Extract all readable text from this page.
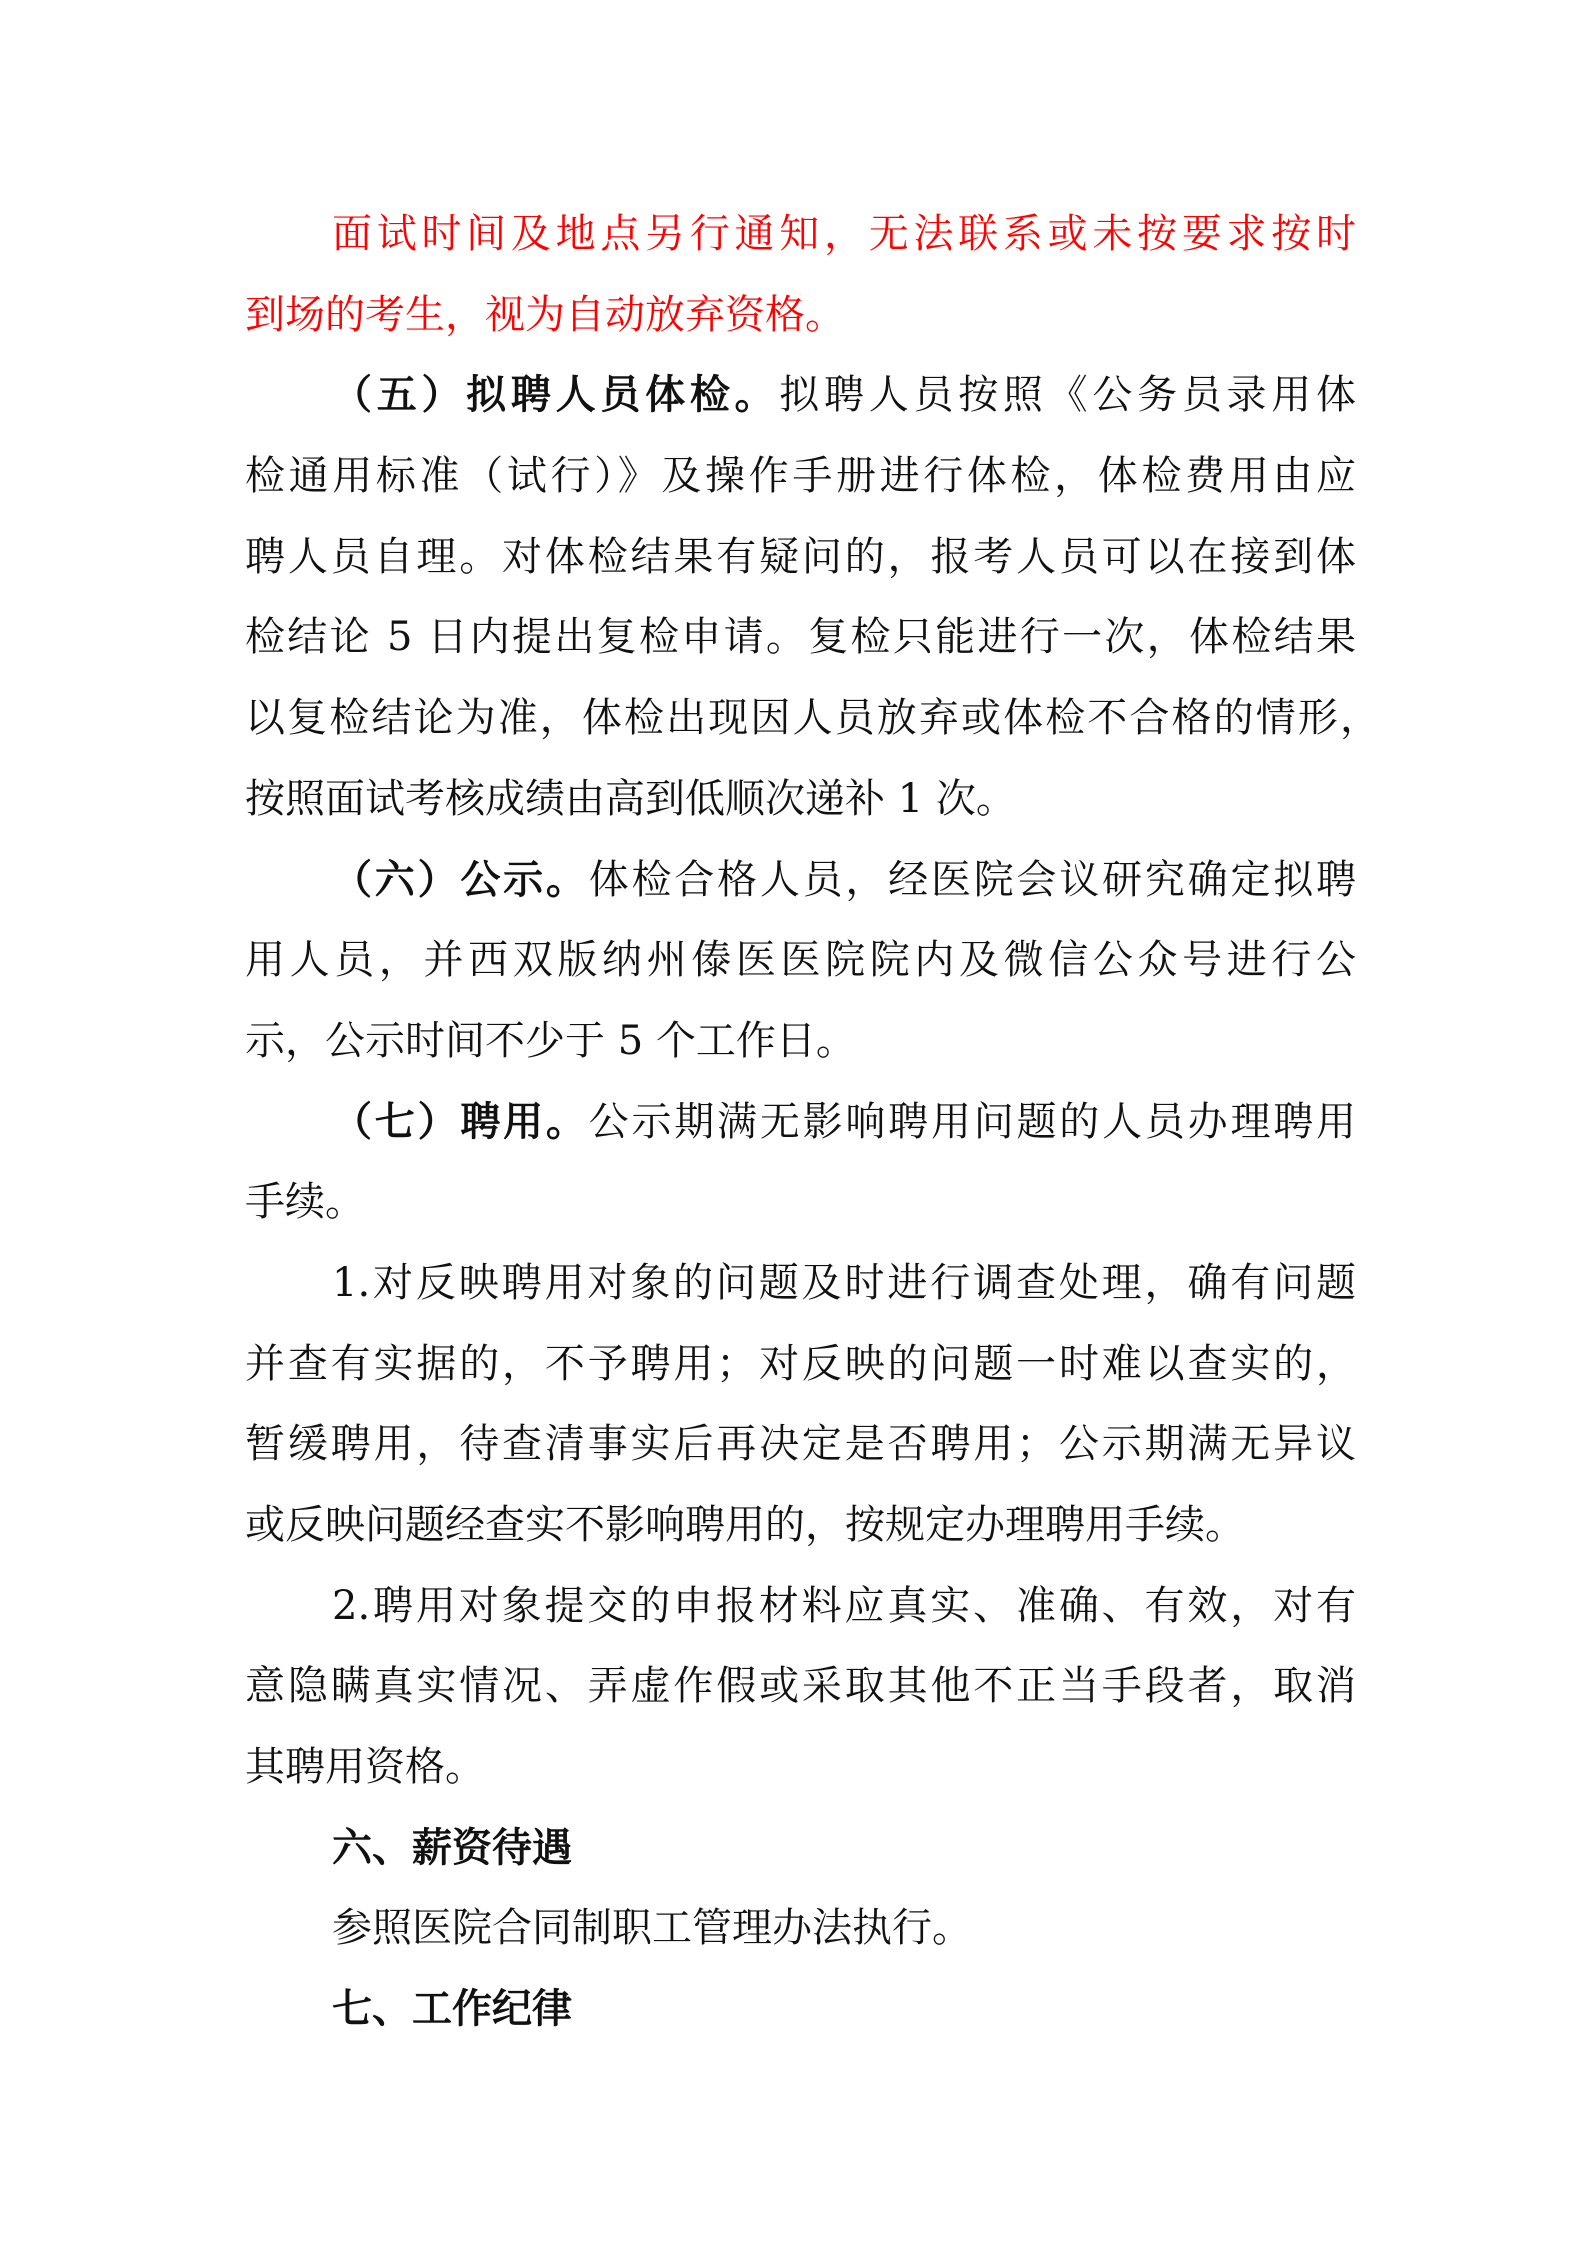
面试时间及地点另行通知，无法联系或未按要求按时
到场的考生，视为自动放弃资格。
（五）拟聘人员体检。拟聘人员按照《公务员录用体
检通用标准（试行）》及操作手册进行体检，体检费用由应
聘人员自理。对体检结果有疑问的，报考人员可以在接到体
检结论 5 日内提出复检申请。复检只能进行一次，体检结果
以复检结论为准，体检出现因人员放弃或体检不合格的情形，
按照面试考核成绩由高到低顺次递补 1 次。
（六）公示。体检合格人员，经医院会议研究确定拟聘
用人员，并西双版纳州傣医医院院内及微信公众号进行公
示，公示时间不少于 5 个工作日。
（七）聘用。公示期满无影响聘用问题的人员办理聘用
手续。
1.对反映聘用对象的问题及时进行调查处理，确有问题
并查有实据的，不予聘用；对反映的问题一时难以查实的，
暂缓聘用，待查清事实后再决定是否聘用；公示期满无异议
或反映问题经查实不影响聘用的，按规定办理聘用手续。
2.聘用对象提交的申报材料应真实、准确、有效，对有
意隐瞒真实情况、弄虚作假或采取其他不正当手段者，取消
其聘用资格。
六、薪资待遇
参照医院合同制职工管理办法执行。
七、工作纪律
